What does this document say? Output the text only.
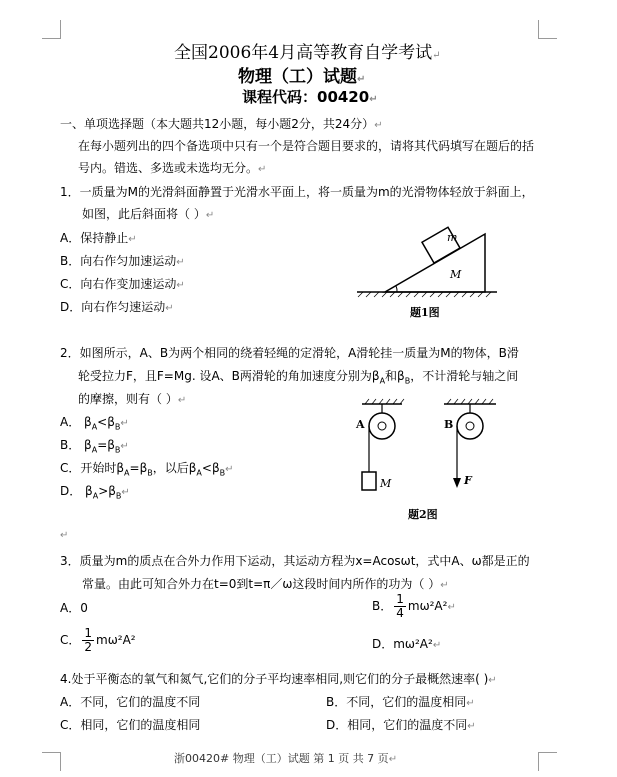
全国2006年4月高等教育自学考试↵
物理（工）试题↵
课程代码：00420↵
一、单项选择题（本大题共12小题，每小题2分，共24分）↵
在每小题列出的四个备选项中只有一个是符合题目要求的，请将其代码填写在题后的括
号内。错选、多选或未选均无分。↵
1．一质量为M的光滑斜面静置于光滑水平面上，将一质量为m的光滑物体轻放于斜面上，
如图，此后斜面将（ ）↵
A．保持静止↵
B．向右作匀加速运动↵
C．向右作变加速运动↵
D．向右作匀速运动↵
m
M
题1图
2．如图所示，A、B为两个相同的绕着轻绳的定滑轮，A滑轮挂一质量为M的物体，B滑
轮受拉力F，且F=Mg. 设A、B两滑轮的角加速度分别为$\beta_A$和$\beta_B$，不计滑轮与轴之间
的摩擦，则有（ ）↵
A． $\beta_A<\beta_B↵$
B． $\beta_A=\beta_B↵$
C．开始时$\beta_A=\beta_B$，以后$\beta_A<\beta_B↵$
D． $\beta_A>\beta_B↵$
A
M
B
F
题2图
↵
3．质量为m的质点在合外力作用下运动，其运动方程为x=Acosωt，式中A、ω都是正的
常量。由此可知合外力在t=0到t=π／ω这段时间内所作的功为（ ）↵
A．0	B． $\frac{1}{4}$ mω²A²↵
C． $\frac{1}{2} m\omega^2A^2$	D．mω²A²↵
4.处于平衡态的氧气和氮气,它们的分子平均速率相同,则它们的分子最概然速率( )↵
A．不同，它们的温度不同	B．不同，它们的温度相同↵
C．相同，它们的温度相同	D．相同，它们的温度不同↵
浙00420# 物理（工）试题 第 1 页 共 7 页↵
